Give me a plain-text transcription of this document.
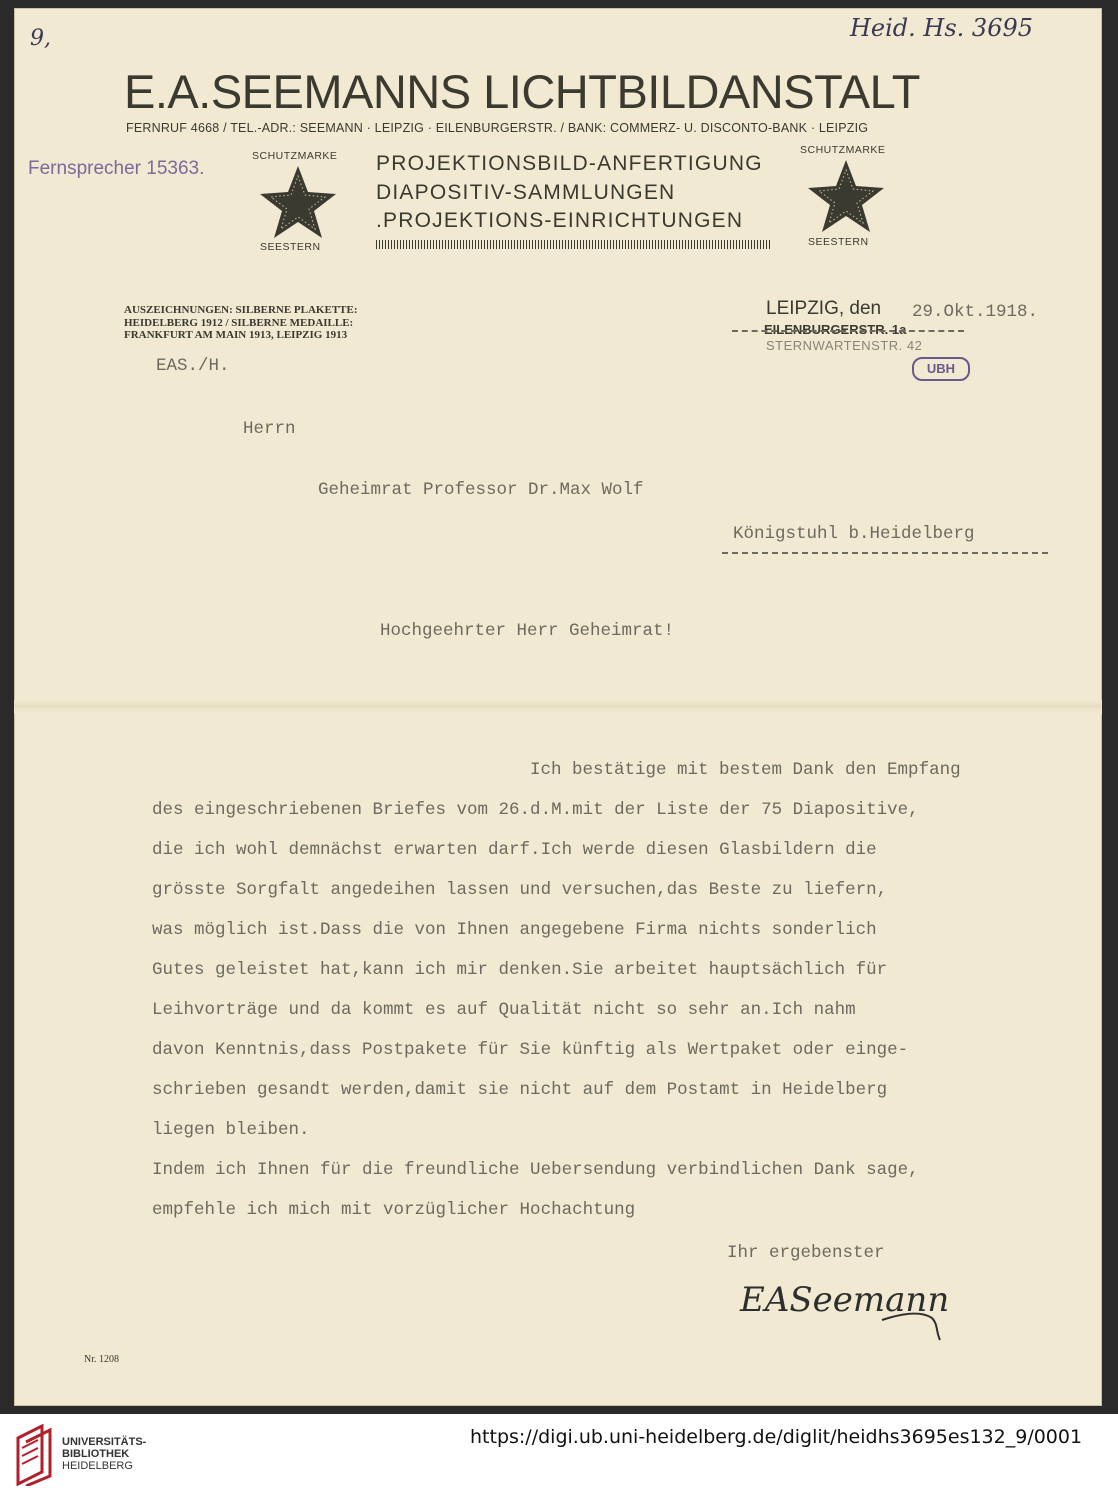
9,	Heid. Hs. 3695
E.A.SEEMANNS LICHTBILDANSTALT
FERNRUF 4668 / TEL.-ADR.: SEEMANN · LEIPZIG · EILENBURGERSTR. / BANK: COMMERZ- U. DISCONTO-BANK · LEIPZIG
Fernsprecher 15363.
SCHUTZMARKE
SEESTERN
PROJEKTIONSBILD-ANFERTIGUNG
DIAPOSITIV-SAMMLUNGEN
.PROJEKTIONS-EINRICHTUNGEN
SCHUTZMARKE
SEESTERN
AUSZEICHNUNGEN: SILBERNE PLAKETTE:
HEIDELBERG 1912 / SILBERNE MEDAILLE:
FRANKFURT AM MAIN 1913, LEIPZIG 1913
LEIPZIG, den 29.Okt.1918.
EILENBURGERSTR. 1a
STERNWARTENSTR. 42
UBH
EAS./H.
Herrn
Geheimrat Professor Dr.Max Wolf
Königstuhl b.Heidelberg
Hochgeehrter Herr Geheimrat!
Ich bestätige mit bestem Dank den Empfang
des eingeschriebenen Briefes vom 26.d.M.mit der Liste der 75 Diapositive,
die ich wohl demnächst erwarten darf.Ich werde diesen Glasbildern die
grösste Sorgfalt angedeihen lassen und versuchen,das Beste zu liefern,
was möglich ist.Dass die von Ihnen angegebene Firma nichts sonderlich
Gutes geleistet hat,kann ich mir denken.Sie arbeitet hauptsächlich für
Leihvorträge und da kommt es auf Qualität nicht so sehr an.Ich nahm
davon Kenntnis,dass Postpakete für Sie künftig als Wertpaket oder einge-
schrieben gesandt werden,damit sie nicht auf dem Postamt in Heidelberg
liegen bleiben.
Indem ich Ihnen für die freundliche Uebersendung verbindlichen Dank sage,
empfehle ich mich mit vorzüglicher Hochachtung
Ihr ergebenster
EASeemann
Nr. 1208
UNIVERSITÄTS-
BIBLIOTHEK
HEIDELBERG
https://digi.ub.uni-heidelberg.de/diglit/heidhs3695es132_9/0001
